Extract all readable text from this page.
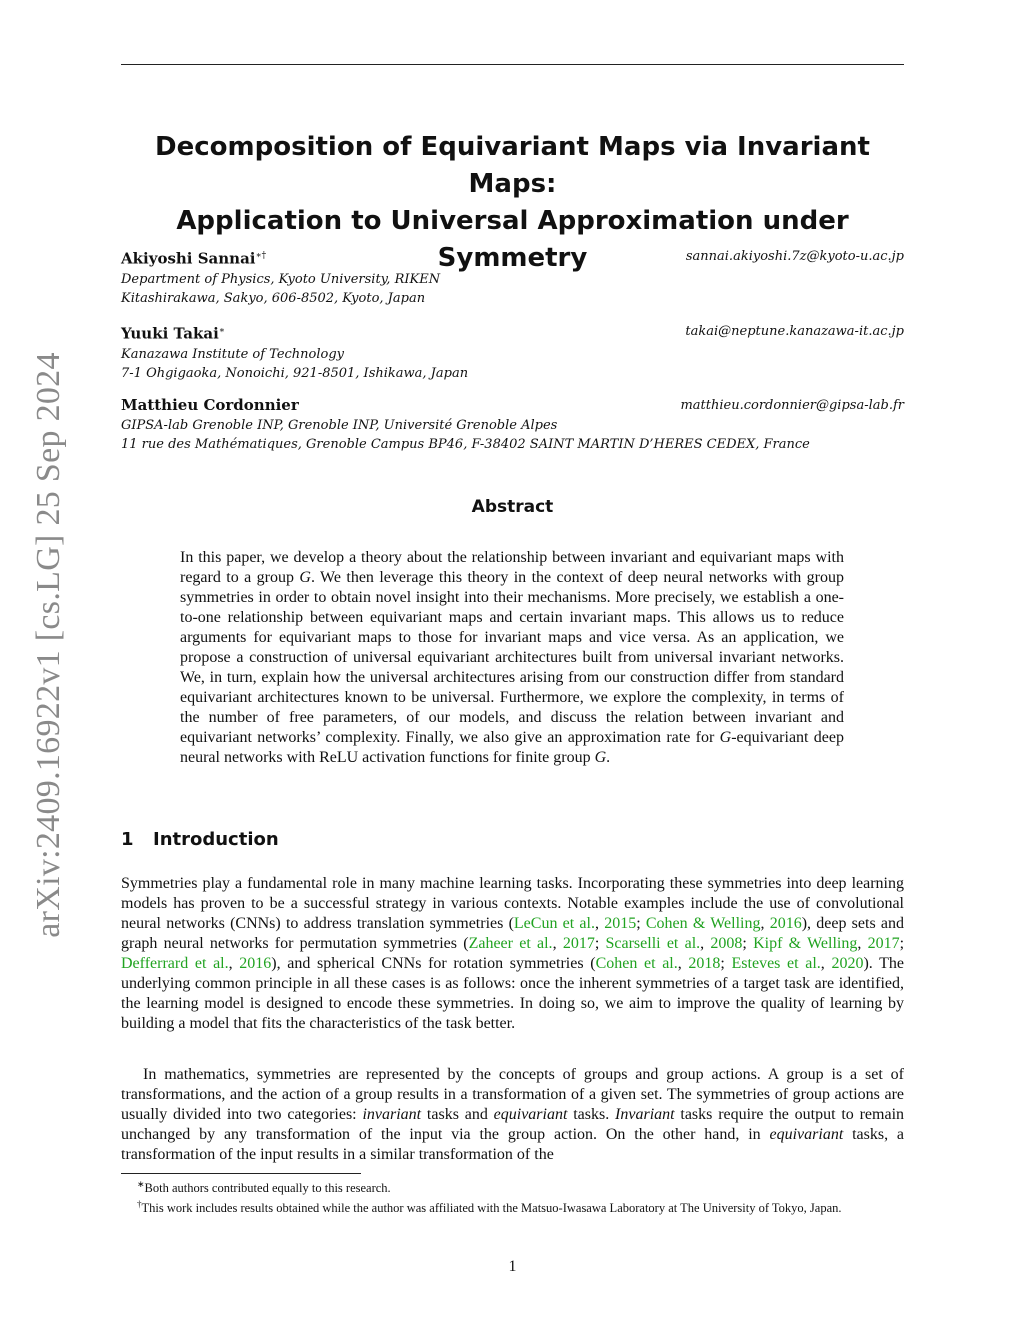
arXiv:2409.16922v1 [cs.LG] 25 Sep 2024
Decomposition of Equivariant Maps via Invariant Maps:
Application to Universal Approximation under Symmetry
Akiyoshi Sannai∗†	sannai.akiyoshi.7z@kyoto-u.ac.jp
Department of Physics, Kyoto University, RIKEN
Kitashirakawa, Sakyo, 606-8502, Kyoto, Japan
Yuuki Takai∗	takai@neptune.kanazawa-it.ac.jp
Kanazawa Institute of Technology
7-1 Ohgigaoka, Nonoichi, 921-8501, Ishikawa, Japan
Matthieu Cordonnier	matthieu.cordonnier@gipsa-lab.fr
GIPSA-lab Grenoble INP, Grenoble INP, Université Grenoble Alpes
11 rue des Mathématiques, Grenoble Campus BP46, F-38402 SAINT MARTIN D’HERES CEDEX, France
Abstract
In this paper, we develop a theory about the relationship between invariant and equivariant maps with regard to a group G. We then leverage this theory in the context of deep neural networks with group symmetries in order to obtain novel insight into their mechanisms. More precisely, we establish a one-to-one relationship between equivariant maps and certain invariant maps. This allows us to reduce arguments for equivariant maps to those for invariant maps and vice versa. As an application, we propose a construction of universal equivariant architectures built from universal invariant networks. We, in turn, explain how the universal architectures arising from our construction differ from standard equivariant architectures known to be universal. Furthermore, we explore the complexity, in terms of the number of free parameters, of our models, and discuss the relation between invariant and equivariant networks’ complexity. Finally, we also give an approximation rate for G-equivariant deep neural networks with ReLU activation functions for finite group G.
1 Introduction

Symmetries play a fundamental role in many machine learning tasks. Incorporating these symmetries into deep learning models has proven to be a successful strategy in various contexts. Notable examples include the use of convolutional neural networks (CNNs) to address translation symmetries (LeCun et al., 2015; Cohen & Welling, 2016), deep sets and graph neural networks for permutation symmetries (Zaheer et al., 2017; Scarselli et al., 2008; Kipf & Welling, 2017; Defferrard et al., 2016), and spherical CNNs for rotation symmetries (Cohen et al., 2018; Esteves et al., 2020). The underlying common principle in all these cases is as follows: once the inherent symmetries of a target task are identified, the learning model is designed to encode these symmetries. In doing so, we aim to improve the quality of learning by building a model that fits the characteristics of the task better.

In mathematics, symmetries are represented by the concepts of groups and group actions. A group is a set of transformations, and the action of a group results in a transformation of a given set. The symmetries of group actions are usually divided into two categories: invariant tasks and equivariant tasks. Invariant tasks require the output to remain unchanged by any transformation of the input via the group action. On the other hand, in equivariant tasks, a transformation of the input results in a similar transformation of the

∗Both authors contributed equally to this research.

†This work includes results obtained while the author was affiliated with the Matsuo-Iwasawa Laboratory at The University of Tokyo, Japan.

1
